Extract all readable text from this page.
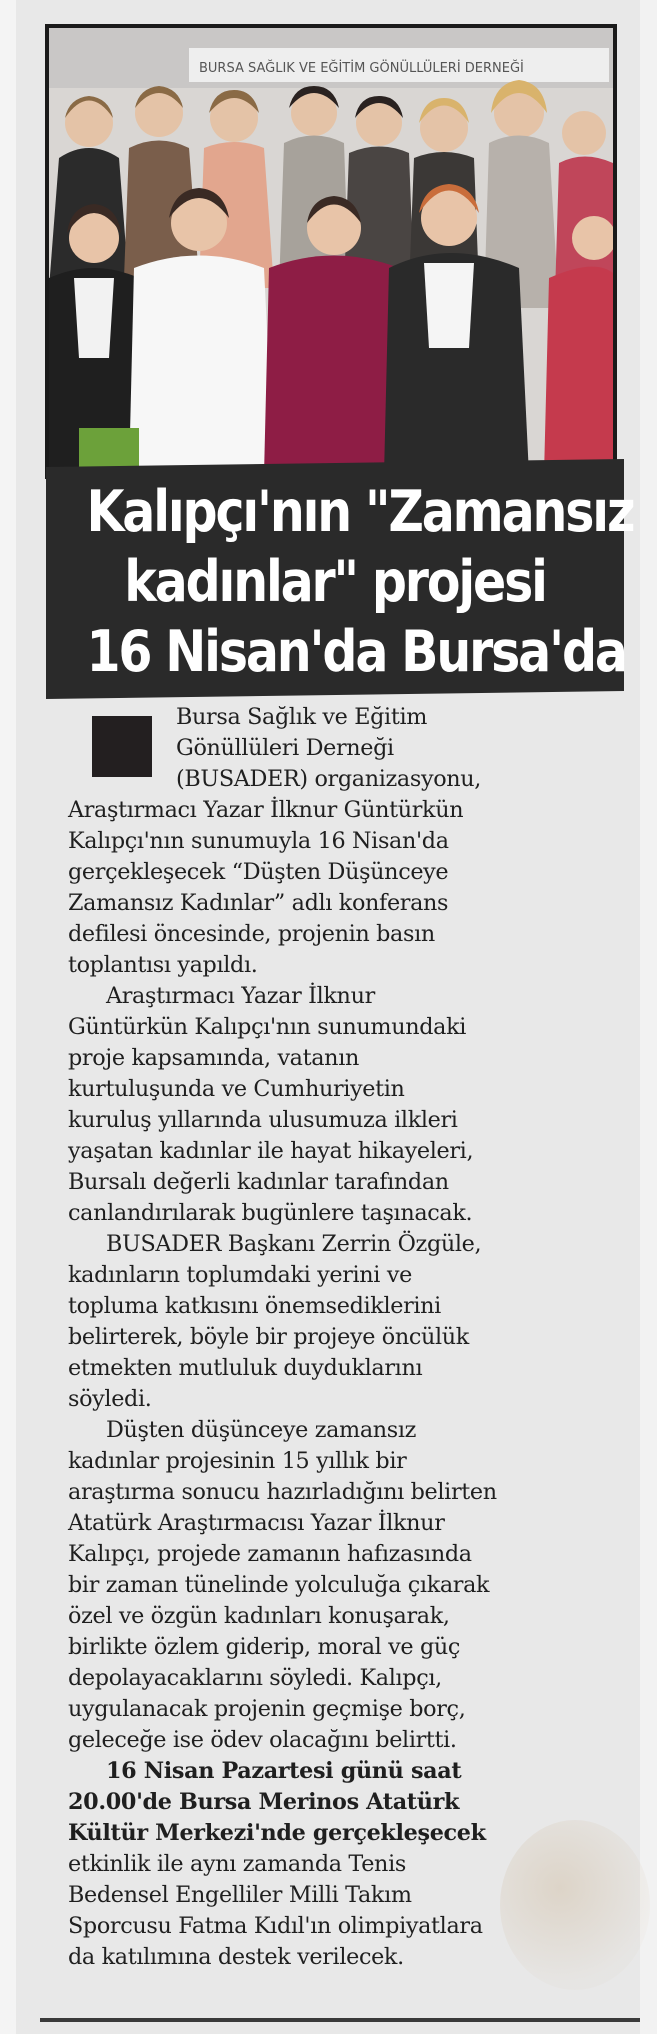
BURSA SAĞLIK VE EĞİTİM GÖNÜLLÜLERİ DERNEĞİ
Kalıpçı'nın "Zamansız
kadınlar" projesi
16 Nisan'da Bursa'da
Bursa Sağlık ve Eğitim
Gönüllüleri Derneği
(BUSADER) organizasyonu,
Araştırmacı Yazar İlknur Güntürkün
Kalıpçı'nın sunumuyla 16 Nisan'da
gerçekleşecek “Düşten Düşünceye
Zamansız Kadınlar” adlı konferans
defilesi öncesinde, projenin basın
toplantısı yapıldı.
Araştırmacı Yazar İlknur
Güntürkün Kalıpçı'nın sunumundaki
proje kapsamında, vatanın
kurtuluşunda ve Cumhuriyetin
kuruluş yıllarında ulusumuza ilkleri
yaşatan kadınlar ile hayat hikayeleri,
Bursalı değerli kadınlar tarafından
canlandırılarak bugünlere taşınacak.
BUSADER Başkanı Zerrin Özgüle,
kadınların toplumdaki yerini ve
topluma katkısını önemsediklerini
belirterek, böyle bir projeye öncülük
etmekten mutluluk duyduklarını
söyledi.
Düşten düşünceye zamansız
kadınlar projesinin 15 yıllık bir
araştırma sonucu hazırladığını belirten
Atatürk Araştırmacısı Yazar İlknur
Kalıpçı, projede zamanın hafızasında
bir zaman tünelinde yolculuğa çıkarak
özel ve özgün kadınları konuşarak,
birlikte özlem giderip, moral ve güç
depolayacaklarını söyledi. Kalıpçı,
uygulanacak projenin geçmişe borç,
geleceğe ise ödev olacağını belirtti.
16 Nisan Pazartesi günü saat
20.00'de Bursa Merinos Atatürk
Kültür Merkezi'nde gerçekleşecek
etkinlik ile aynı zamanda Tenis
Bedensel Engelliler Milli Takım
Sporcusu Fatma Kıdıl'ın olimpiyatlara
da katılımına destek verilecek.
